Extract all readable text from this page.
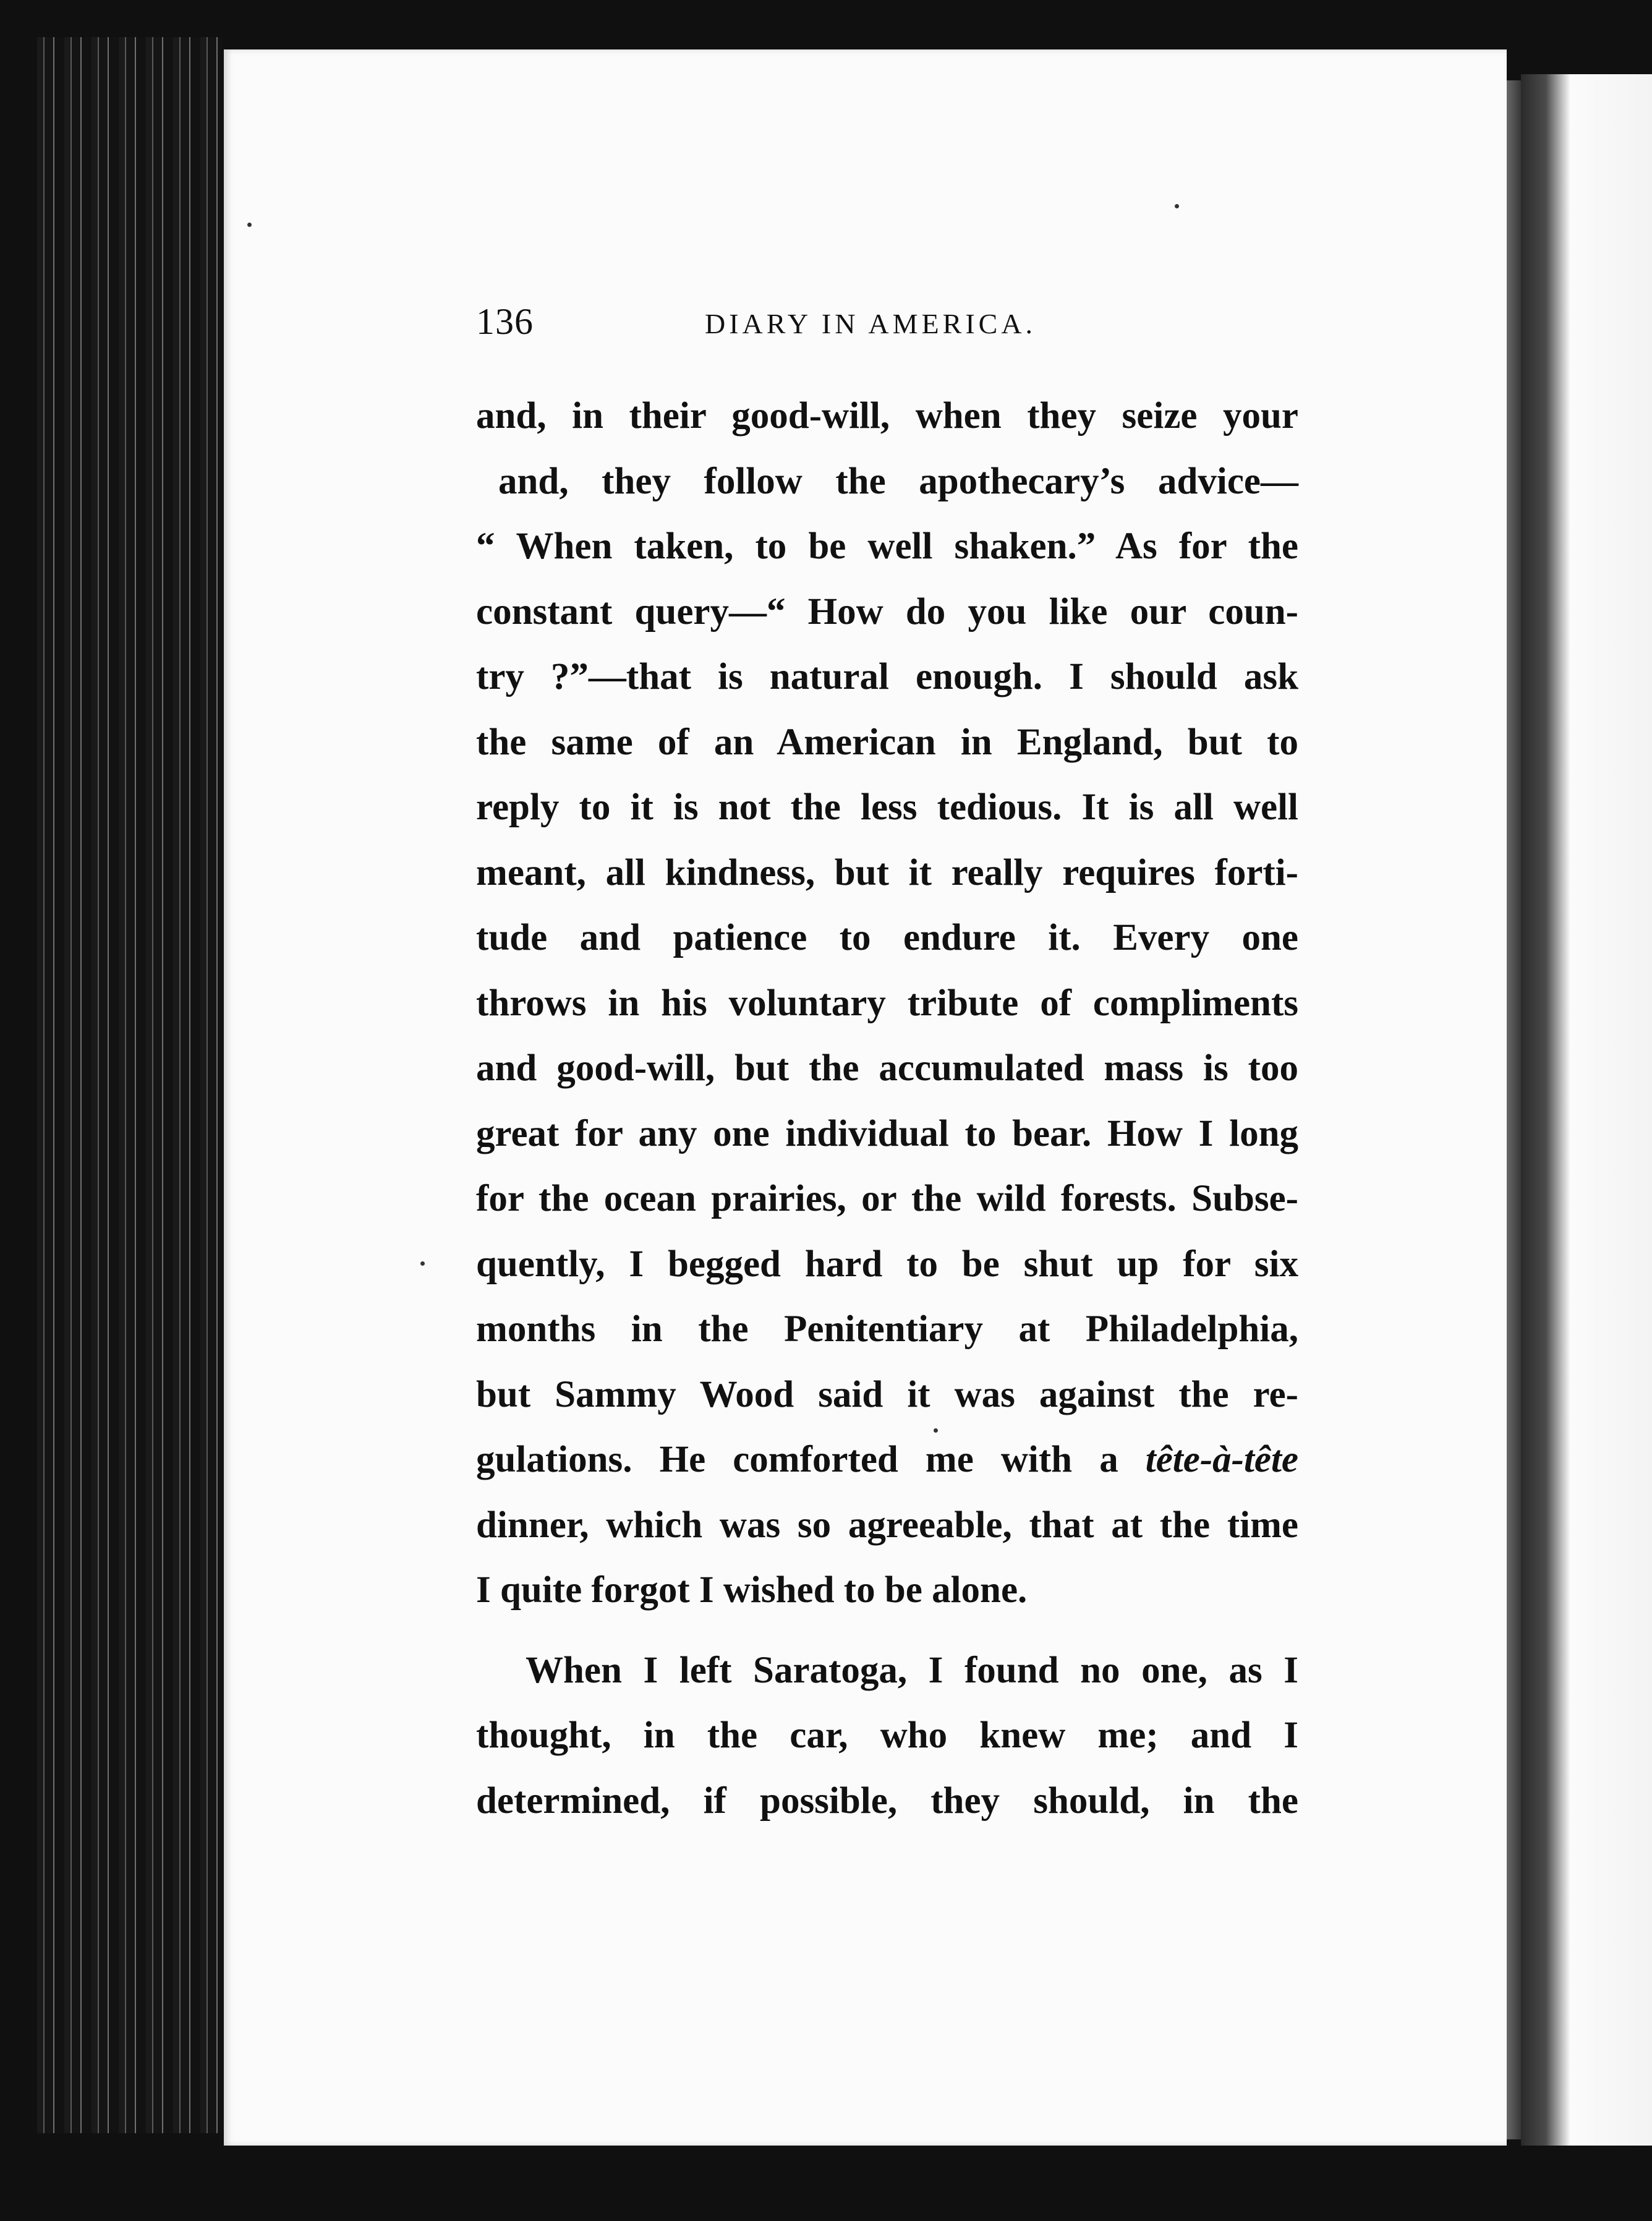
136	DIARY IN AMERICA.
and, in their good-will, when they seize your
and, they follow the apothecary’s advice—
“ When taken, to be well shaken.” As for the
constant query—“ How do you like our coun-
try ?”—that is natural enough. I should ask
the same of an American in England, but to
reply to it is not the less tedious. It is all well
meant, all kindness, but it really requires forti-
tude and patience to endure it. Every one
throws in his voluntary tribute of compliments
and good-will, but the accumulated mass is too
great for any one individual to bear. How I long
for the ocean prairies, or the wild forests. Subse-
quently, I begged hard to be shut up for six
months in the Penitentiary at Philadelphia,
but Sammy Wood said it was against the re-
gulations. He comforted me with a tête-à-tête
dinner, which was so agreeable, that at the time
I quite forgot I wished to be alone.
When I left Saratoga, I found no one, as I
thought, in the car, who knew me; and I
determined, if possible, they should, in the
